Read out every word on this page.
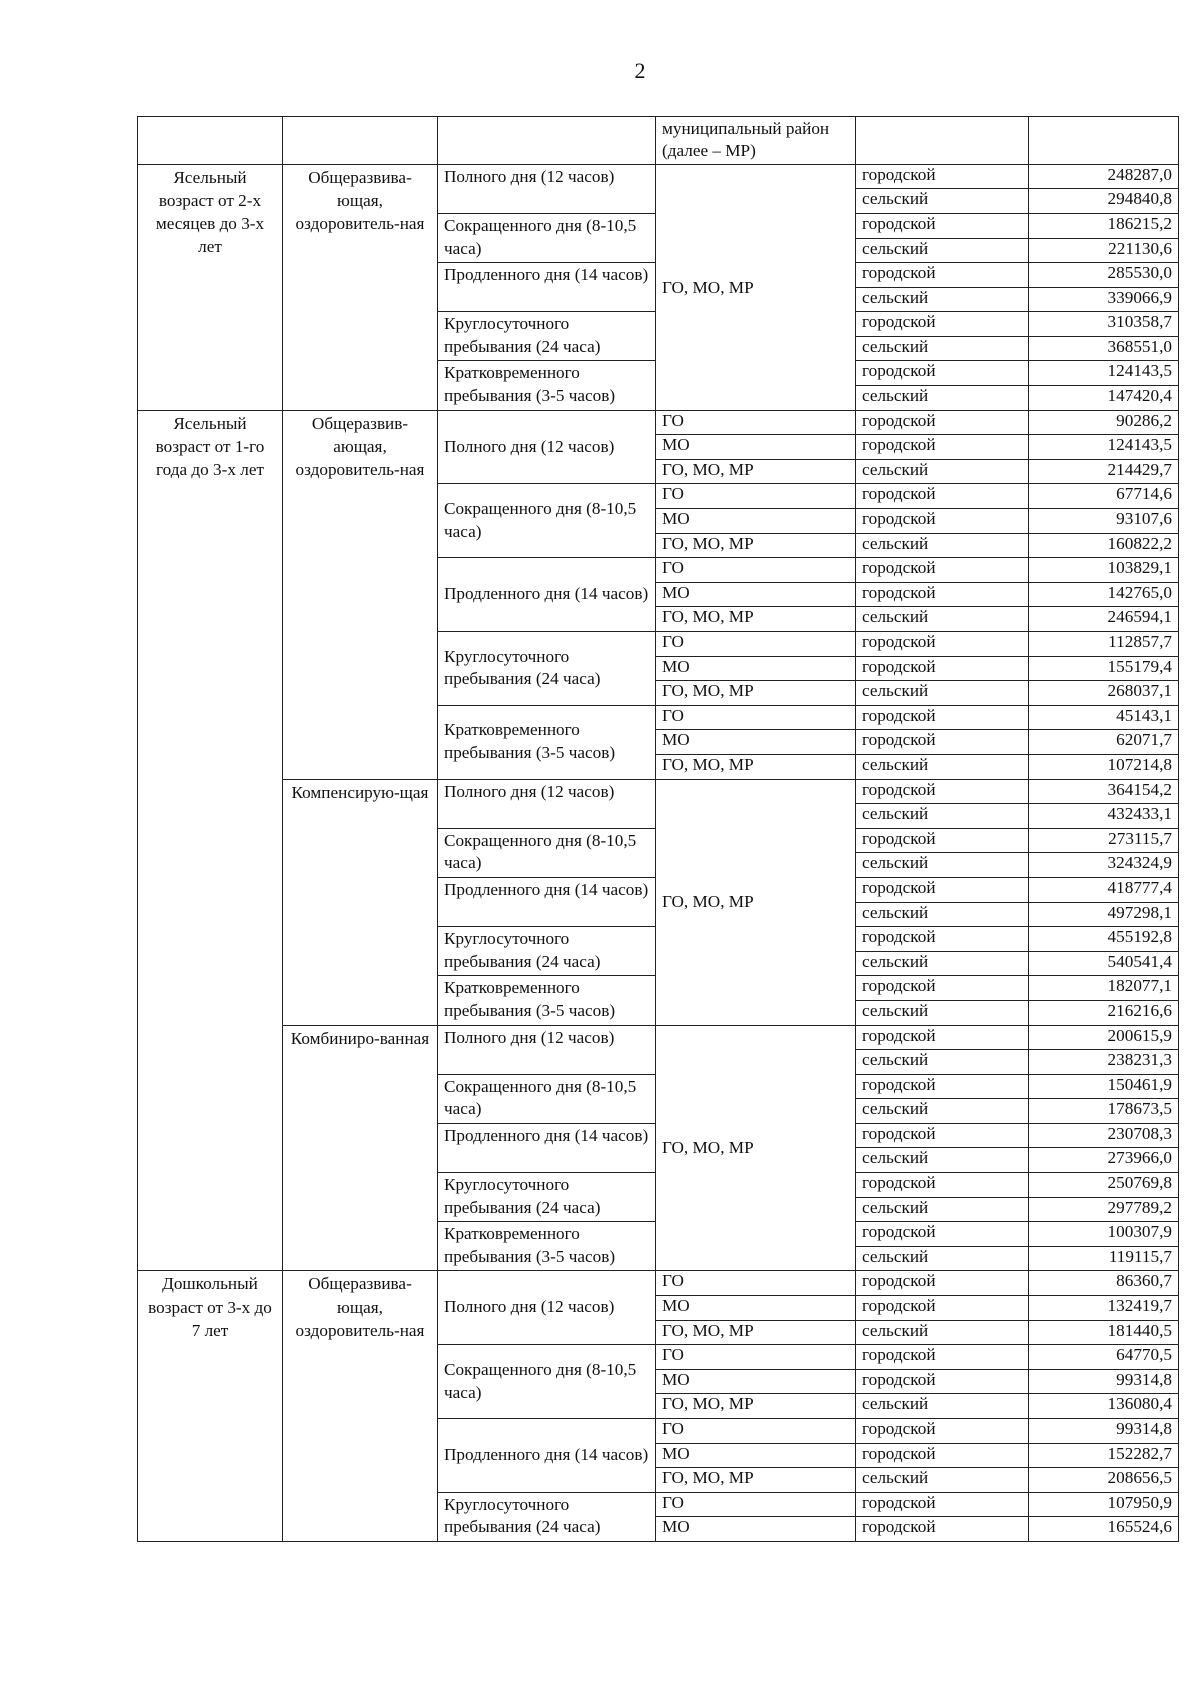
2
			муниципальный район (далее – МР)		
Ясельный возраст от 2-х месяцев до 3-х лет	Общеразвива-ющая, оздоровитель-ная	Полного дня (12 часов)	ГО, МО, МР	городской	248287,0
				сельский	294840,8
		Сокращенного дня (8-10,5 часа)		городской	186215,2
				сельский	221130,6
		Продленного дня (14 часов)		городской	285530,0
				сельский	339066,9
		Круглосуточного пребывания (24 часа)		городской	310358,7
				сельский	368551,0
		Кратковременного пребывания (3-5 часов)		городской	124143,5
				сельский	147420,4
Ясельный возраст от 1-го года до 3-х лет	Общеразвив-ающая, оздоровитель-ная	Полного дня (12 часов)	ГО	городской	90286,2
			МО	городской	124143,5
			ГО, МО, МР	сельский	214429,7
		Сокращенного дня (8-10,5 часа)	ГО	городской	67714,6
			МО	городской	93107,6
			ГО, МО, МР	сельский	160822,2
		Продленного дня (14 часов)	ГО	городской	103829,1
			МО	городской	142765,0
			ГО, МО, МР	сельский	246594,1
		Круглосуточного пребывания (24 часа)	ГО	городской	112857,7
			МО	городской	155179,4
			ГО, МО, МР	сельский	268037,1
		Кратковременного пребывания (3-5 часов)	ГО	городской	45143,1
			МО	городской	62071,7
			ГО, МО, МР	сельский	107214,8
	Компенсирую-щая	Полного дня (12 часов)	ГО, МО, МР	городской	364154,2
				сельский	432433,1
		Сокращенного дня (8-10,5 часа)		городской	273115,7
				сельский	324324,9
		Продленного дня (14 часов)		городской	418777,4
				сельский	497298,1
		Круглосуточного пребывания (24 часа)		городской	455192,8
				сельский	540541,4
		Кратковременного пребывания (3-5 часов)		городской	182077,1
				сельский	216216,6
	Комбиниро-ванная	Полного дня (12 часов)	ГО, МО, МР	городской	200615,9
				сельский	238231,3
		Сокращенного дня (8-10,5 часа)		городской	150461,9
				сельский	178673,5
		Продленного дня (14 часов)		городской	230708,3
				сельский	273966,0
		Круглосуточного пребывания (24 часа)		городской	250769,8
				сельский	297789,2
		Кратковременного пребывания (3-5 часов)		городской	100307,9
				сельский	119115,7
Дошкольный возраст от 3-х до 7 лет	Общеразвива-ющая, оздоровитель-ная	Полного дня (12 часов)	ГО	городской	86360,7
			МО	городской	132419,7
			ГО, МО, МР	сельский	181440,5
		Сокращенного дня (8-10,5 часа)	ГО	городской	64770,5
			МО	городской	99314,8
			ГО, МО, МР	сельский	136080,4
		Продленного дня (14 часов)	ГО	городской	99314,8
			МО	городской	152282,7
			ГО, МО, МР	сельский	208656,5
		Круглосуточного пребывания (24 часа)	ГО	городской	107950,9
			МО	городской	165524,6
